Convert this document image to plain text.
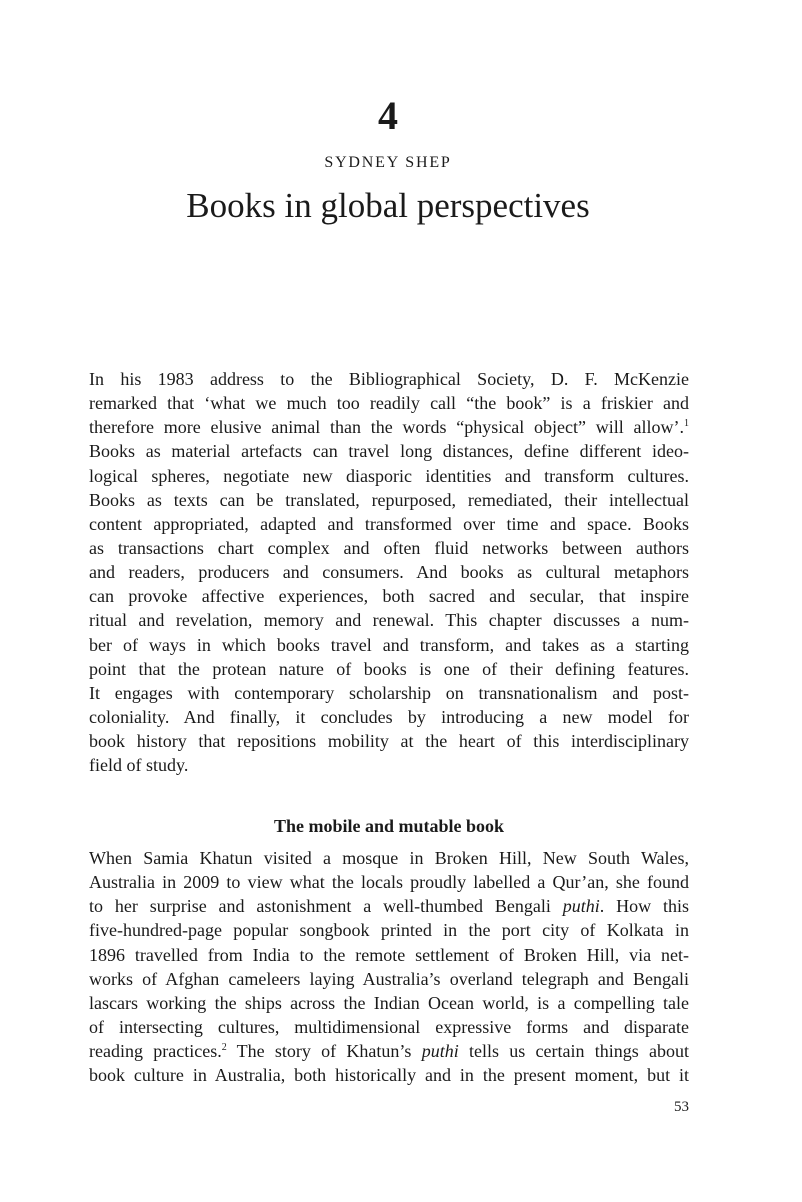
4
SYDNEY SHEP
Books in global perspectives
In his 1983 address to the Bibliographical Society, D. F. McKenzie
remarked that ‘what we much too readily call “the book” is a friskier and
therefore more elusive animal than the words “physical object” will allow’.$^1$
Books as material artefacts can travel long distances, define different ideo-
logical spheres, negotiate new diasporic identities and transform cultures.
Books as texts can be translated, repurposed, remediated, their intellectual
content appropriated, adapted and transformed over time and space. Books
as transactions chart complex and often fluid networks between authors
and readers, producers and consumers. And books as cultural metaphors
can provoke affective experiences, both sacred and secular, that inspire
ritual and revelation, memory and renewal. This chapter discusses a num-
ber of ways in which books travel and transform, and takes as a starting
point that the protean nature of books is one of their defining features.
It engages with contemporary scholarship on transnationalism and post-
coloniality. And finally, it concludes by introducing a new model for
book history that repositions mobility at the heart of this interdisciplinary
field of study.
The mobile and mutable book
When Samia Khatun visited a mosque in Broken Hill, New South Wales,
Australia in 2009 to view what the locals proudly labelled a Qur’an, she found
to her surprise and astonishment a well-thumbed Bengali puthi. How this
five-hundred-page popular songbook printed in the port city of Kolkata in
1896 travelled from India to the remote settlement of Broken Hill, via net-
works of Afghan cameleers laying Australia’s overland telegraph and Bengali
lascars working the ships across the Indian Ocean world, is a compelling tale
of intersecting cultures, multidimensional expressive forms and disparate
reading practices.$^2$ The story of Khatun’s puthi tells us certain things about
book culture in Australia, both historically and in the present moment, but it
53
